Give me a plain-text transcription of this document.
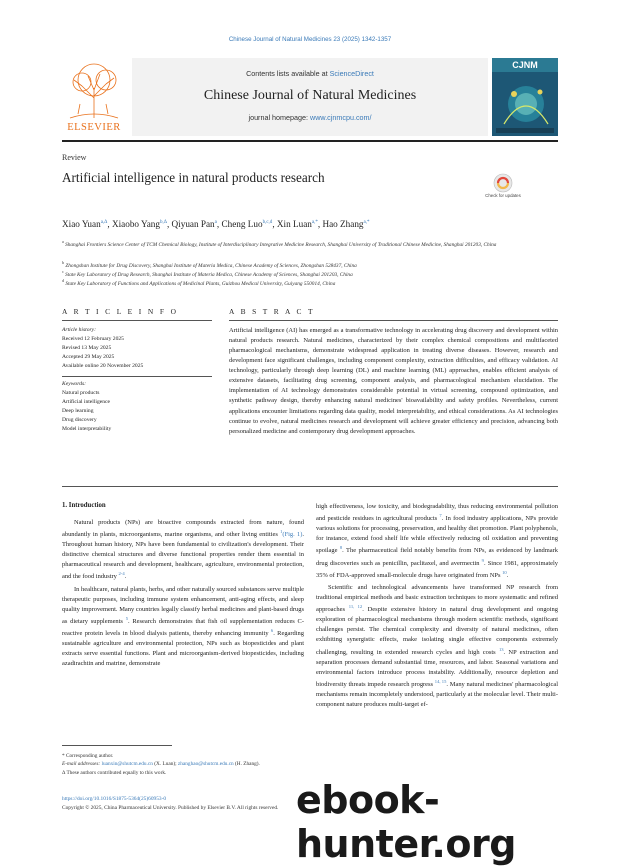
Chinese Journal of Natural Medicines 23 (2025) 1342-1357
ELSEVIER
Contents lists available at ScienceDirect
Chinese Journal of Natural Medicines
journal homepage: www.cjnmcpu.com/
CJNM
Review
Artificial intelligence in natural products research
Check for updates
Xiao Yuan$^{a,\Delta}$, Xiaobo Yang$^{b,\Delta}$, Qiyuan Pan$^a$, Cheng Luo$^{b,c,d}$, Xin Luan$^{a,*}$, Hao Zhang$^{a,*}$
$^a$ Shanghai Frontiers Science Center of TCM Chemical Biology, Institute of Interdisciplinary Integrative Medicine Research, Shanghai University of Traditional Chinese Medicine, Shanghai 201203, China
$^b$ Zhongshan Institute for Drug Discovery, Shanghai Institute of Materia Medica, Chinese Academy of Sciences, Zhongshan 528437, China
$^c$ State Key Laboratory of Drug Research, Shanghai Institute of Materia Medica, Chinese Academy of Sciences, Shanghai 201203, China
$^d$ State Key Laboratory of Functions and Applications of Medicinal Plants, Guizhou Medical University, Guiyang 550014, China
A R T I C L E I N F O
Article history:
Received 12 February 2025
Revised 13 May 2025
Accepted 29 May 2025
Available online 20 November 2025
Keywords:
Natural products
Artificial intelligence
Deep learning
Drug discovery
Model interpretability
A B S T R A C T
Artificial intelligence (AI) has emerged as a transformative technology in accelerating drug discovery and development within natural products research. Natural medicines, characterized by their complex chemical compositions and multifaceted pharmacological mechanisms, demonstrate widespread application in treating diverse diseases. However, research and development face significant challenges, including component complexity, extraction difficulties, and efficacy validation. AI technology, particularly through deep learning (DL) and machine learning (ML) approaches, enables efficient analysis of extensive datasets, facilitating drug screening, component analysis, and pharmacological mechanism elucidation. The implementation of AI technology demonstrates considerable potential in virtual screening, compound optimization, and synthetic pathway design, thereby enhancing natural medicines' bioavailability and safety profiles. Nevertheless, current applications encounter limitations regarding data quality, model interpretability, and ethical considerations. As AI technologies continue to evolve, natural medicines research and development will achieve greater efficiency and precision, advancing both personalized medicine and contemporary drug development approaches.
1. Introduction

Natural products (NPs) are bioactive compounds extracted from nature, found abundantly in plants, microorganisms, marine organisms, and other living entities $^1$(Fig. 1). Throughout human history, NPs have been fundamental to civilization's development. Their distinctive chemical structures and diverse functional properties render them essential in pharmaceutical research and development, healthcare, agriculture, environmental protection, and the food industry $^{2-4}$.

In healthcare, natural plants, herbs, and other naturally sourced substances serve multiple therapeutic purposes, including immune system enhancement, anti-aging effects, and sleep quality improvement. Many countries legally classify herbal medicines and plant-based drugs as dietary supplements $^5$. Research demonstrates that fish oil supplementation reduces C-reactive protein levels in blood dialysis patients, thereby enhancing immunity $^6$. Regarding sustainable agriculture and environmental protection, NPs such as biopesticides and plant extracts serve essential functions. Plant and microorganism-derived biopesticides, including azadirachtin and matrine, demonstrate

high effectiveness, low toxicity, and biodegradability, thus reducing environmental pollution and pesticide residues in agricultural products $^7$. In food industry applications, NPs provide various solutions for processing, preservation, and healthy diet promotion. Plant polyphenols, for instance, extend food shelf life while effectively reducing oil oxidation and preventing spoilage $^8$. The pharmaceutical field notably benefits from NPs, as evidenced by landmark drug discoveries such as penicillin, paclitaxel, and avermectin $^9$. Since 1981, approximately 35% of FDA-approved small-molecule drugs have originated from NPs $^{10}$.

Scientific and technological advancements have transformed NP research from traditional empirical methods and basic extraction techniques to more systematic and refined approaches $^{11, 12}$. Despite extensive history in natural drug development and ongoing exploration of pharmacological mechanisms through modern scientific methods, significant challenges persist. The chemical complexity and diversity of natural medicines, often exhibiting synergistic effects, make isolating single effective components extremely challenging, resulting in extended research cycles and high costs $^{13}$. NP extraction and separation processes demand substantial time, resources, and labor. Seasonal variations and environmental factors introduce process instability. Additionally, resource depletion and biodiversity threats impede research progress $^{14, 15}$. Many natural medicines' pharmacological mechanisms remain incompletely understood, particularly at the molecular level. Their multi-component nature produces multi-target ef-

* Corresponding author.
E-mail addresses: luanxin@shutcm.edu.cn (X. Luan); zhanghao@shutcm.edu.cn (H. Zhang).
Δ These authors contributed equally to this work.
https://doi.org/10.1016/S1875-5364(25)60953-0
Copyright © 2025, China Pharmaceutical University. Published by Elsevier B.V. All rights reserved. ebook-hunter.org
